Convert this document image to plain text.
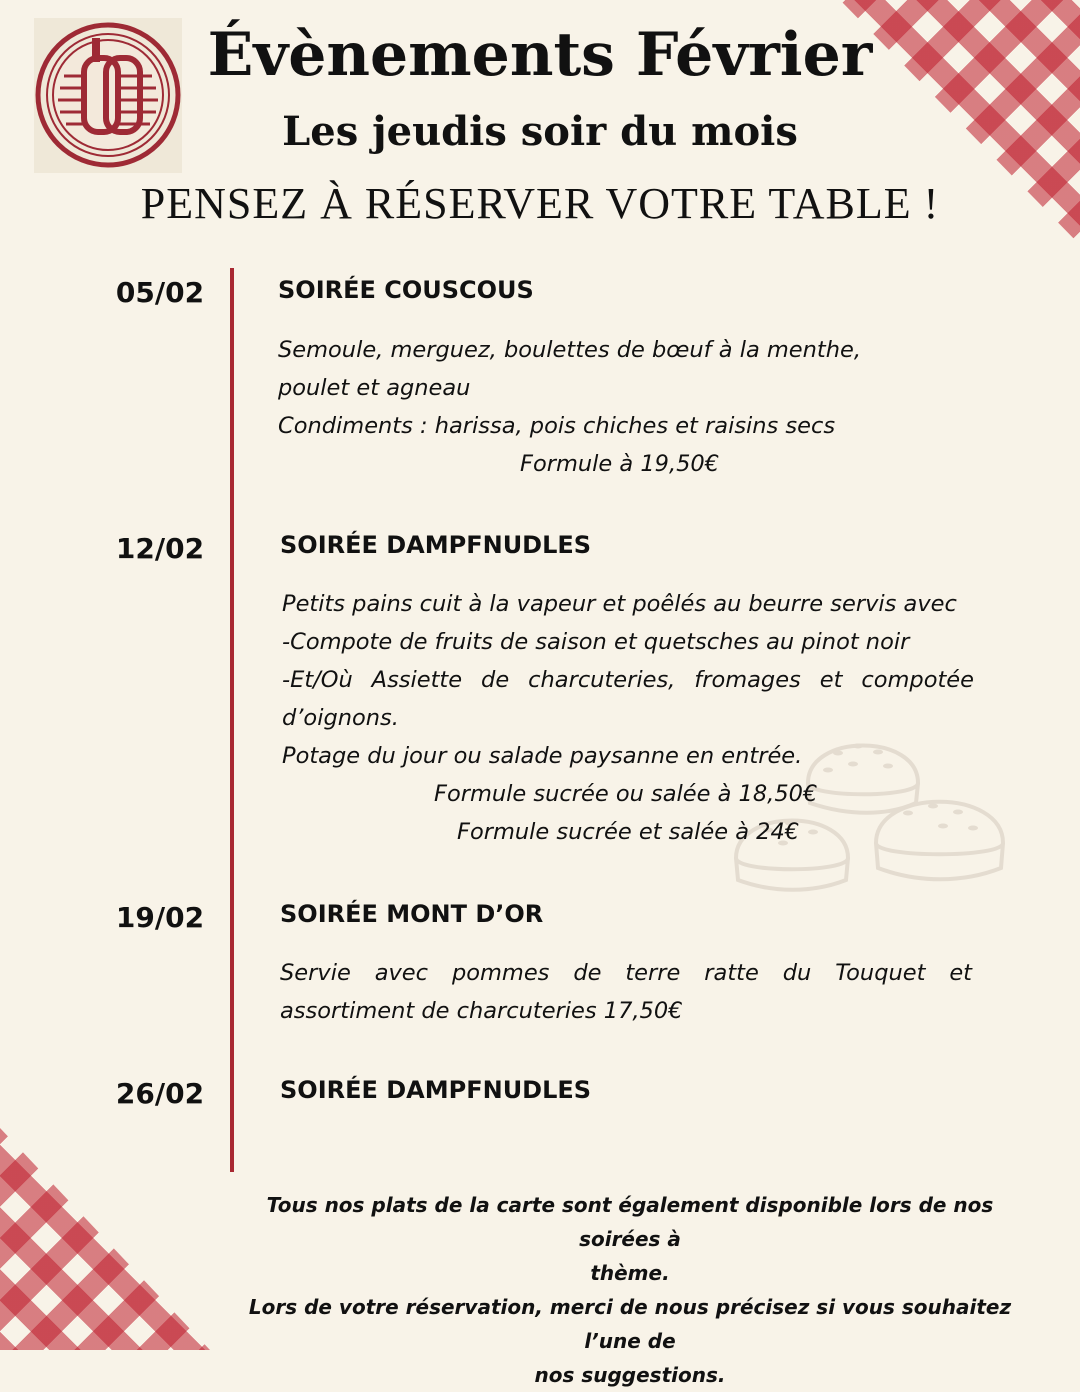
Évènements Février
Les jeudis soir du mois

PENSEZ À RÉSERVER VOTRE TABLE !

05/02	SOIRÉE COUSCOUS
Semoule, merguez, boulettes de bœuf à la menthe,
poulet et agneau
Condiments : harissa, pois chiches et raisins secs
Formule à 19,50€
12/02	SOIRÉE DAMPFNUDLES
Petits pains cuit à la vapeur et poêlés au beurre servis avec
-Compote de fruits de saison et quetsches au pinot noir
-Et/Où Assiette de charcuteries, fromages et compotée
d’oignons.
Potage du jour ou salade paysanne en entrée.
Formule sucrée ou salée à 18,50€
Formule sucrée et salée à 24€
19/02	SOIRÉE MONT D’OR
Servie avec pommes de terre ratte du Touquet et
assortiment de charcuteries 17,50€
26/02	SOIRÉE DAMPFNUDLES
Tous nos plats de la carte sont également disponible lors de nos soirées à
thème.
Lors de votre réservation, merci de nous précisez si vous souhaitez l’une de
nos suggestions.
